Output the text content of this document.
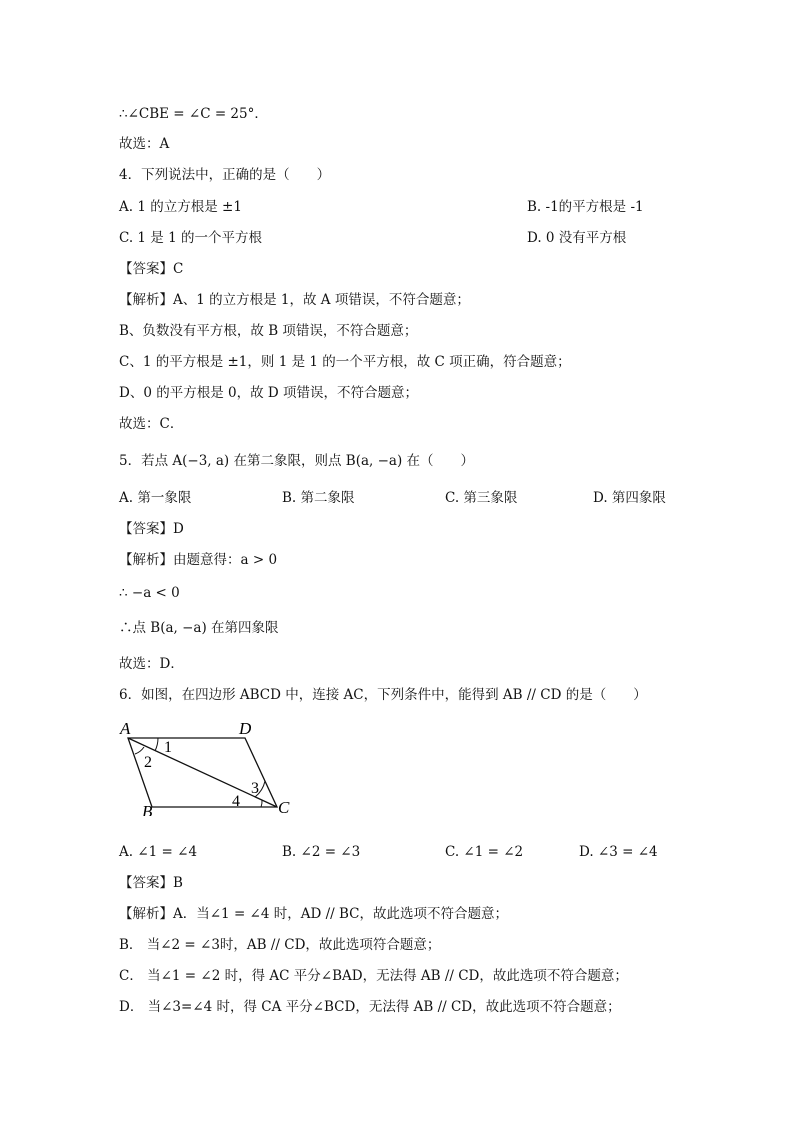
∴∠CBE = ∠C = 25°．
故选：A
4．下列说法中，正确的是（　　）
A. 1 的立方根是 ±1	B. -1的平方根是 -1
C. 1 是 1 的一个平方根	D. 0 没有平方根
【答案】C
【解析】A、1 的立方根是 1，故 A 项错误，不符合题意；
B、负数没有平方根，故 B 项错误，不符合题意；
C、1 的平方根是 ±1，则 1 是 1 的一个平方根，故 C 项正确，符合题意；
D、0 的平方根是 0，故 D 项错误，不符合题意；
故选：C．
5．若点 A(−3, a) 在第二象限，则点 B(a, −a) 在（　　）
A. 第一象限	B. 第二象限	C. 第三象限	D. 第四象限
【答案】D
【解析】由题意得：a > 0
∴ −a < 0
∴点 B(a, −a) 在第四象限
故选：D．
6．如图，在四边形 ABCD 中，连接 AC，下列条件中，能得到 AB // CD 的是（　　）
A	D
B	C
1
2
3
4
A. ∠1 = ∠4	B. ∠2 = ∠3	C. ∠1 = ∠2	D. ∠3 = ∠4
【答案】B
【解析】A．当∠1 = ∠4 时，AD // BC，故此选项不符合题意；
B． 当∠2 = ∠3时，AB // CD，故此选项符合题意；
C． 当∠1 = ∠2 时，得 AC 平分∠BAD，无法得 AB // CD，故此选项不符合题意；
D． 当∠3=∠4 时，得 CA 平分∠BCD，无法得 AB // CD，故此选项不符合题意；
